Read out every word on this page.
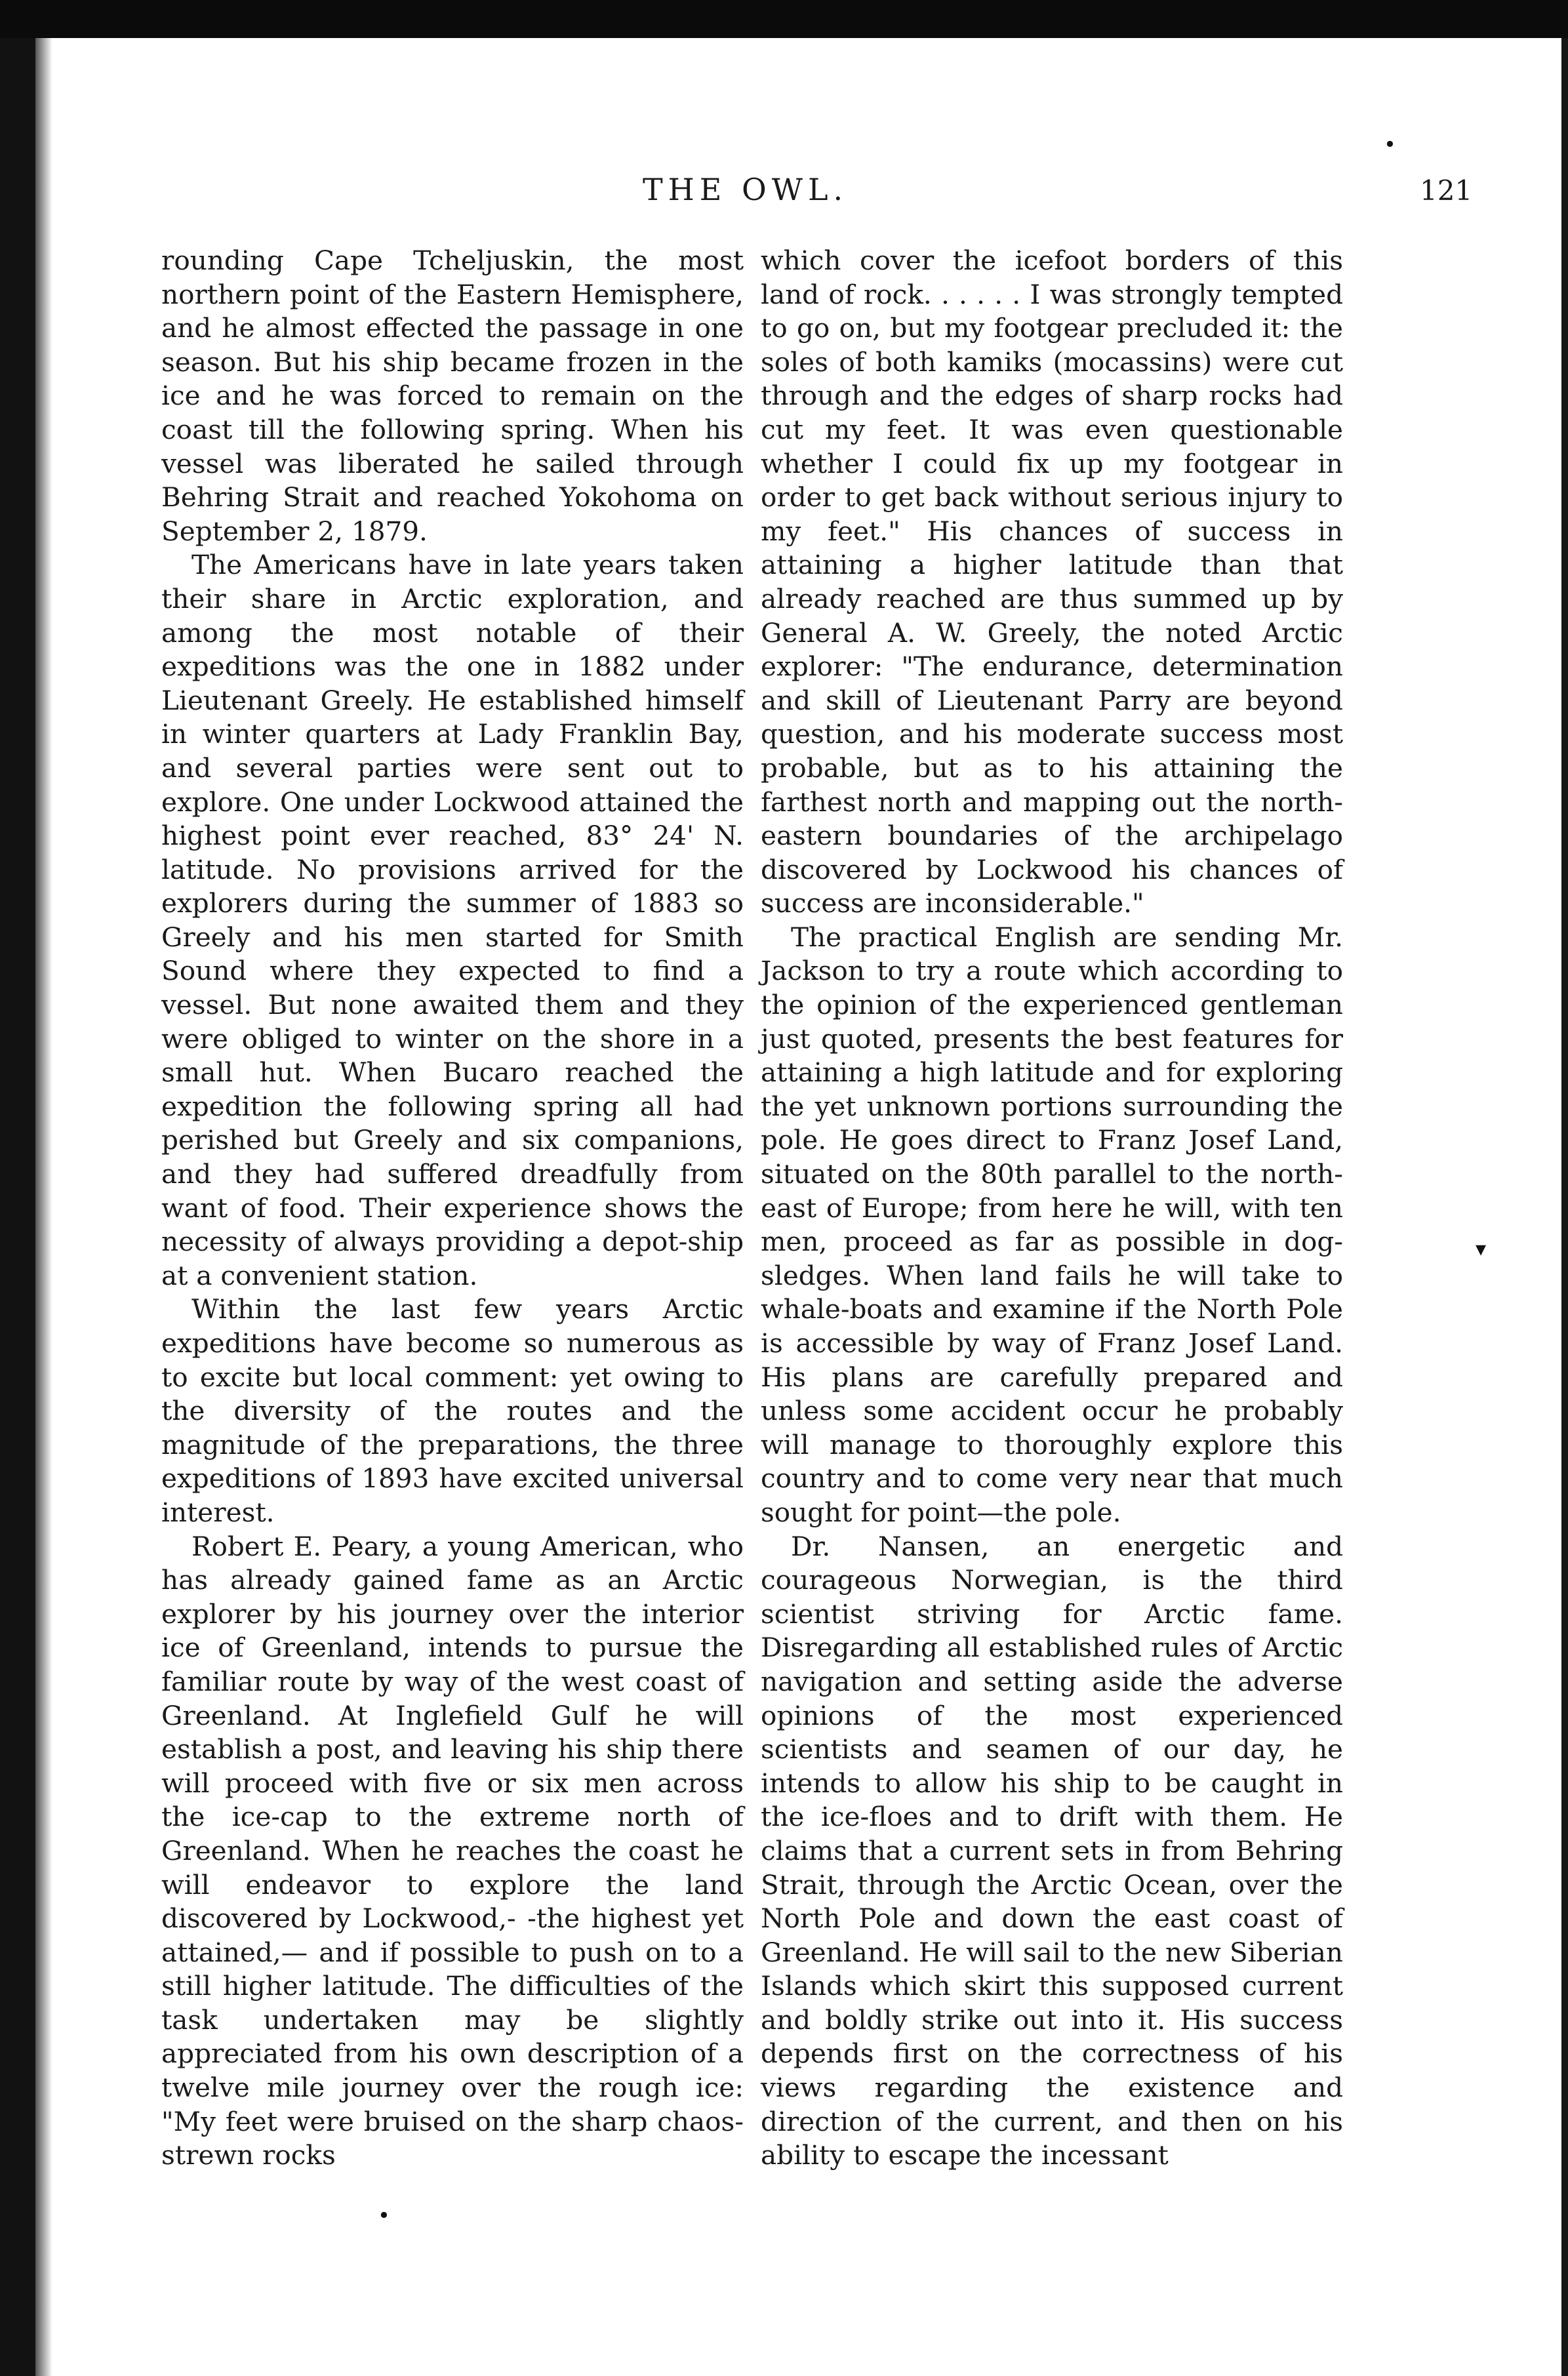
•
▾
•
THE OWL.	121

rounding Cape Tcheljuskin, the most northern point of the Eastern Hemisphere, and he almost effected the passage in one season. But his ship became frozen in the ice and he was forced to remain on the coast till the following spring. When his vessel was liberated he sailed through Behring Strait and reached Yokohoma on September 2, 1879.

The Americans have in late years taken their share in Arctic exploration, and among the most notable of their expeditions was the one in 1882 under Lieutenant Greely. He established himself in winter quarters at Lady Franklin Bay, and several parties were sent out to explore. One under Lockwood attained the highest point ever reached, 83° 24' N. latitude. No provisions arrived for the explorers during the summer of 1883 so Greely and his men started for Smith Sound where they expected to find a vessel. But none awaited them and they were obliged to winter on the shore in a small hut. When Bucaro reached the expedition the following spring all had perished but Greely and six companions, and they had suffered dreadfully from want of food. Their experience shows the necessity of always providing a depot-ship at a convenient station.

Within the last few years Arctic expeditions have become so numerous as to excite but local comment: yet owing to the diversity of the routes and the magnitude of the preparations, the three expeditions of 1893 have excited universal interest.

Robert E. Peary, a young American, who has already gained fame as an Arctic explorer by his journey over the interior ice of Greenland, intends to pursue the familiar route by way of the west coast of Greenland. At Inglefield Gulf he will establish a post, and leaving his ship there will proceed with five or six men across the ice-cap to the extreme north of Greenland. When he reaches the coast he will endeavor to explore the land discovered by Lockwood,- -the highest yet attained,— and if possible to push on to a still higher latitude. The difficulties of the task undertaken may be slightly appreciated from his own description of a twelve mile journey over the rough ice: "My feet were bruised on the sharp chaos-strewn rocks

which cover the icefoot borders of this land of rock. . . . . . I was strongly tempted to go on, but my footgear precluded it: the soles of both kamiks (mocassins) were cut through and the edges of sharp rocks had cut my feet. It was even questionable whether I could fix up my footgear in order to get back without serious injury to my feet." His chances of success in attaining a higher latitude than that already reached are thus summed up by General A. W. Greely, the noted Arctic explorer: "The endurance, determination and skill of Lieutenant Parry are beyond question, and his moderate success most probable, but as to his attaining the farthest north and mapping out the north-eastern boundaries of the archipelago discovered by Lockwood his chances of success are inconsiderable."

The practical English are sending Mr. Jackson to try a route which according to the opinion of the experienced gentleman just quoted, presents the best features for attaining a high latitude and for exploring the yet unknown portions surrounding the pole. He goes direct to Franz Josef Land, situated on the 80th parallel to the north-east of Europe; from here he will, with ten men, proceed as far as possible in dog-sledges. When land fails he will take to whale-boats and examine if the North Pole is accessible by way of Franz Josef Land. His plans are carefully prepared and unless some accident occur he probably will manage to thoroughly explore this country and to come very near that much sought for point—the pole.

Dr. Nansen, an energetic and courageous Norwegian, is the third scientist striving for Arctic fame. Disregarding all established rules of Arctic navigation and setting aside the adverse opinions of the most experienced scientists and seamen of our day, he intends to allow his ship to be caught in the ice-floes and to drift with them. He claims that a current sets in from Behring Strait, through the Arctic Ocean, over the North Pole and down the east coast of Greenland. He will sail to the new Siberian Islands which skirt this supposed current and boldly strike out into it. His success depends first on the correctness of his views regarding the existence and direction of the current, and then on his ability to escape the incessant
